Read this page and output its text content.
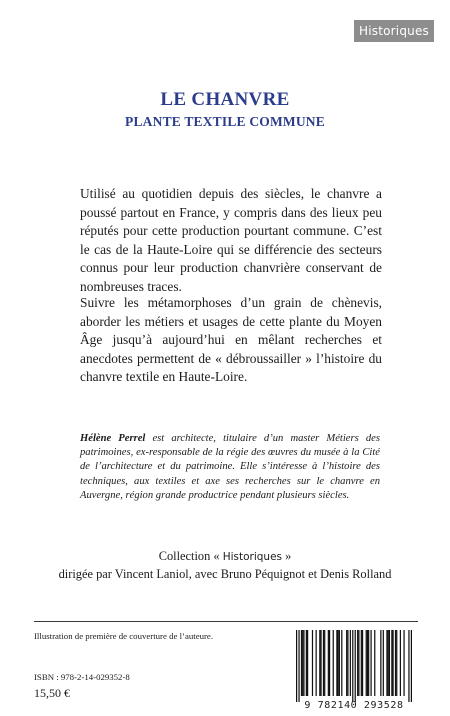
Historiques
LE CHANVRE
PLANTE TEXTILE COMMUNE

Utilisé au quotidien depuis des siècles, le chanvre a poussé partout en France, y compris dans des lieux peu réputés pour cette production pourtant commune. C’est le cas de la Haute-Loire qui se différencie des secteurs connus pour leur production chanvrière conservant de nombreuses traces.

Suivre les métamorphoses d’un grain de chènevis, aborder les métiers et usages de cette plante du Moyen Âge jusqu’à aujourd’hui en mêlant recherches et anecdotes permettent de « débroussailler » l’histoire du chanvre textile en Haute-Loire.

Hélène Perrel est architecte, titulaire d’un master Métiers des patrimoines, ex-responsable de la régie des œuvres du musée à la Cité de l’architecture et du patrimoine. Elle s’intéresse à l’histoire des techniques, aux textiles et axe ses recherches sur le chanvre en Auvergne, région grande productrice pendant plusieurs siècles.

Collection « Historiques »
dirigée par Vincent Laniol, avec Bruno Péquignot et Denis Rolland
Illustration de première de couverture de l’auteure.
ISBN : 978-2-14-029352-8
15,50 €
9 782140 293528
